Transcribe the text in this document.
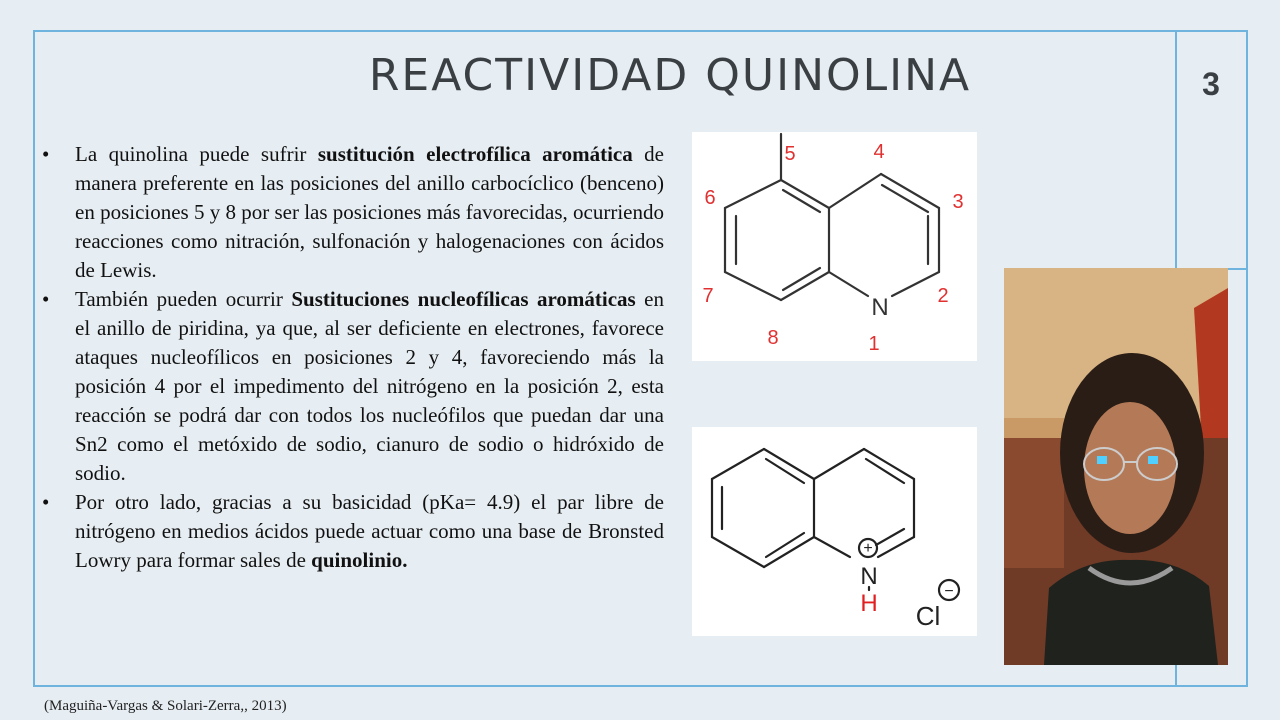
REACTIVIDAD QUINOLINA	3
• La quinolina puede sufrir sustitución electrofílica aromática de manera preferente en las posiciones del anillo carbocíclico (benceno) en posiciones 5 y 8 por ser las posiciones más favorecidas, ocurriendo reacciones como nitración, sulfonación y halogenaciones con ácidos de Lewis.
• También pueden ocurrir Sustituciones nucleofílicas aromáticas en el anillo de piridina, ya que, al ser deficiente en electrones, favorece ataques nucleofílicos en posiciones 2 y 4, favoreciendo más la posición 4 por el impedimento del nitrógeno en la posición 2, esta reacción se podrá dar con todos los nucleófilos que puedan dar una Sn2 como el metóxido de sodio, cianuro de sodio o hidróxido de sodio.
• Por otro lado, gracias a su basicidad (pKa= 4.9) el par libre de nitrógeno en medios ácidos puede actuar como una base de Bronsted Lowry para formar sales de quinolinio.
N
5	4
6	3
7	2
8	1
+
N
H Cl
−
(Maguiña-Vargas & Solari-Zerra,, 2013)
